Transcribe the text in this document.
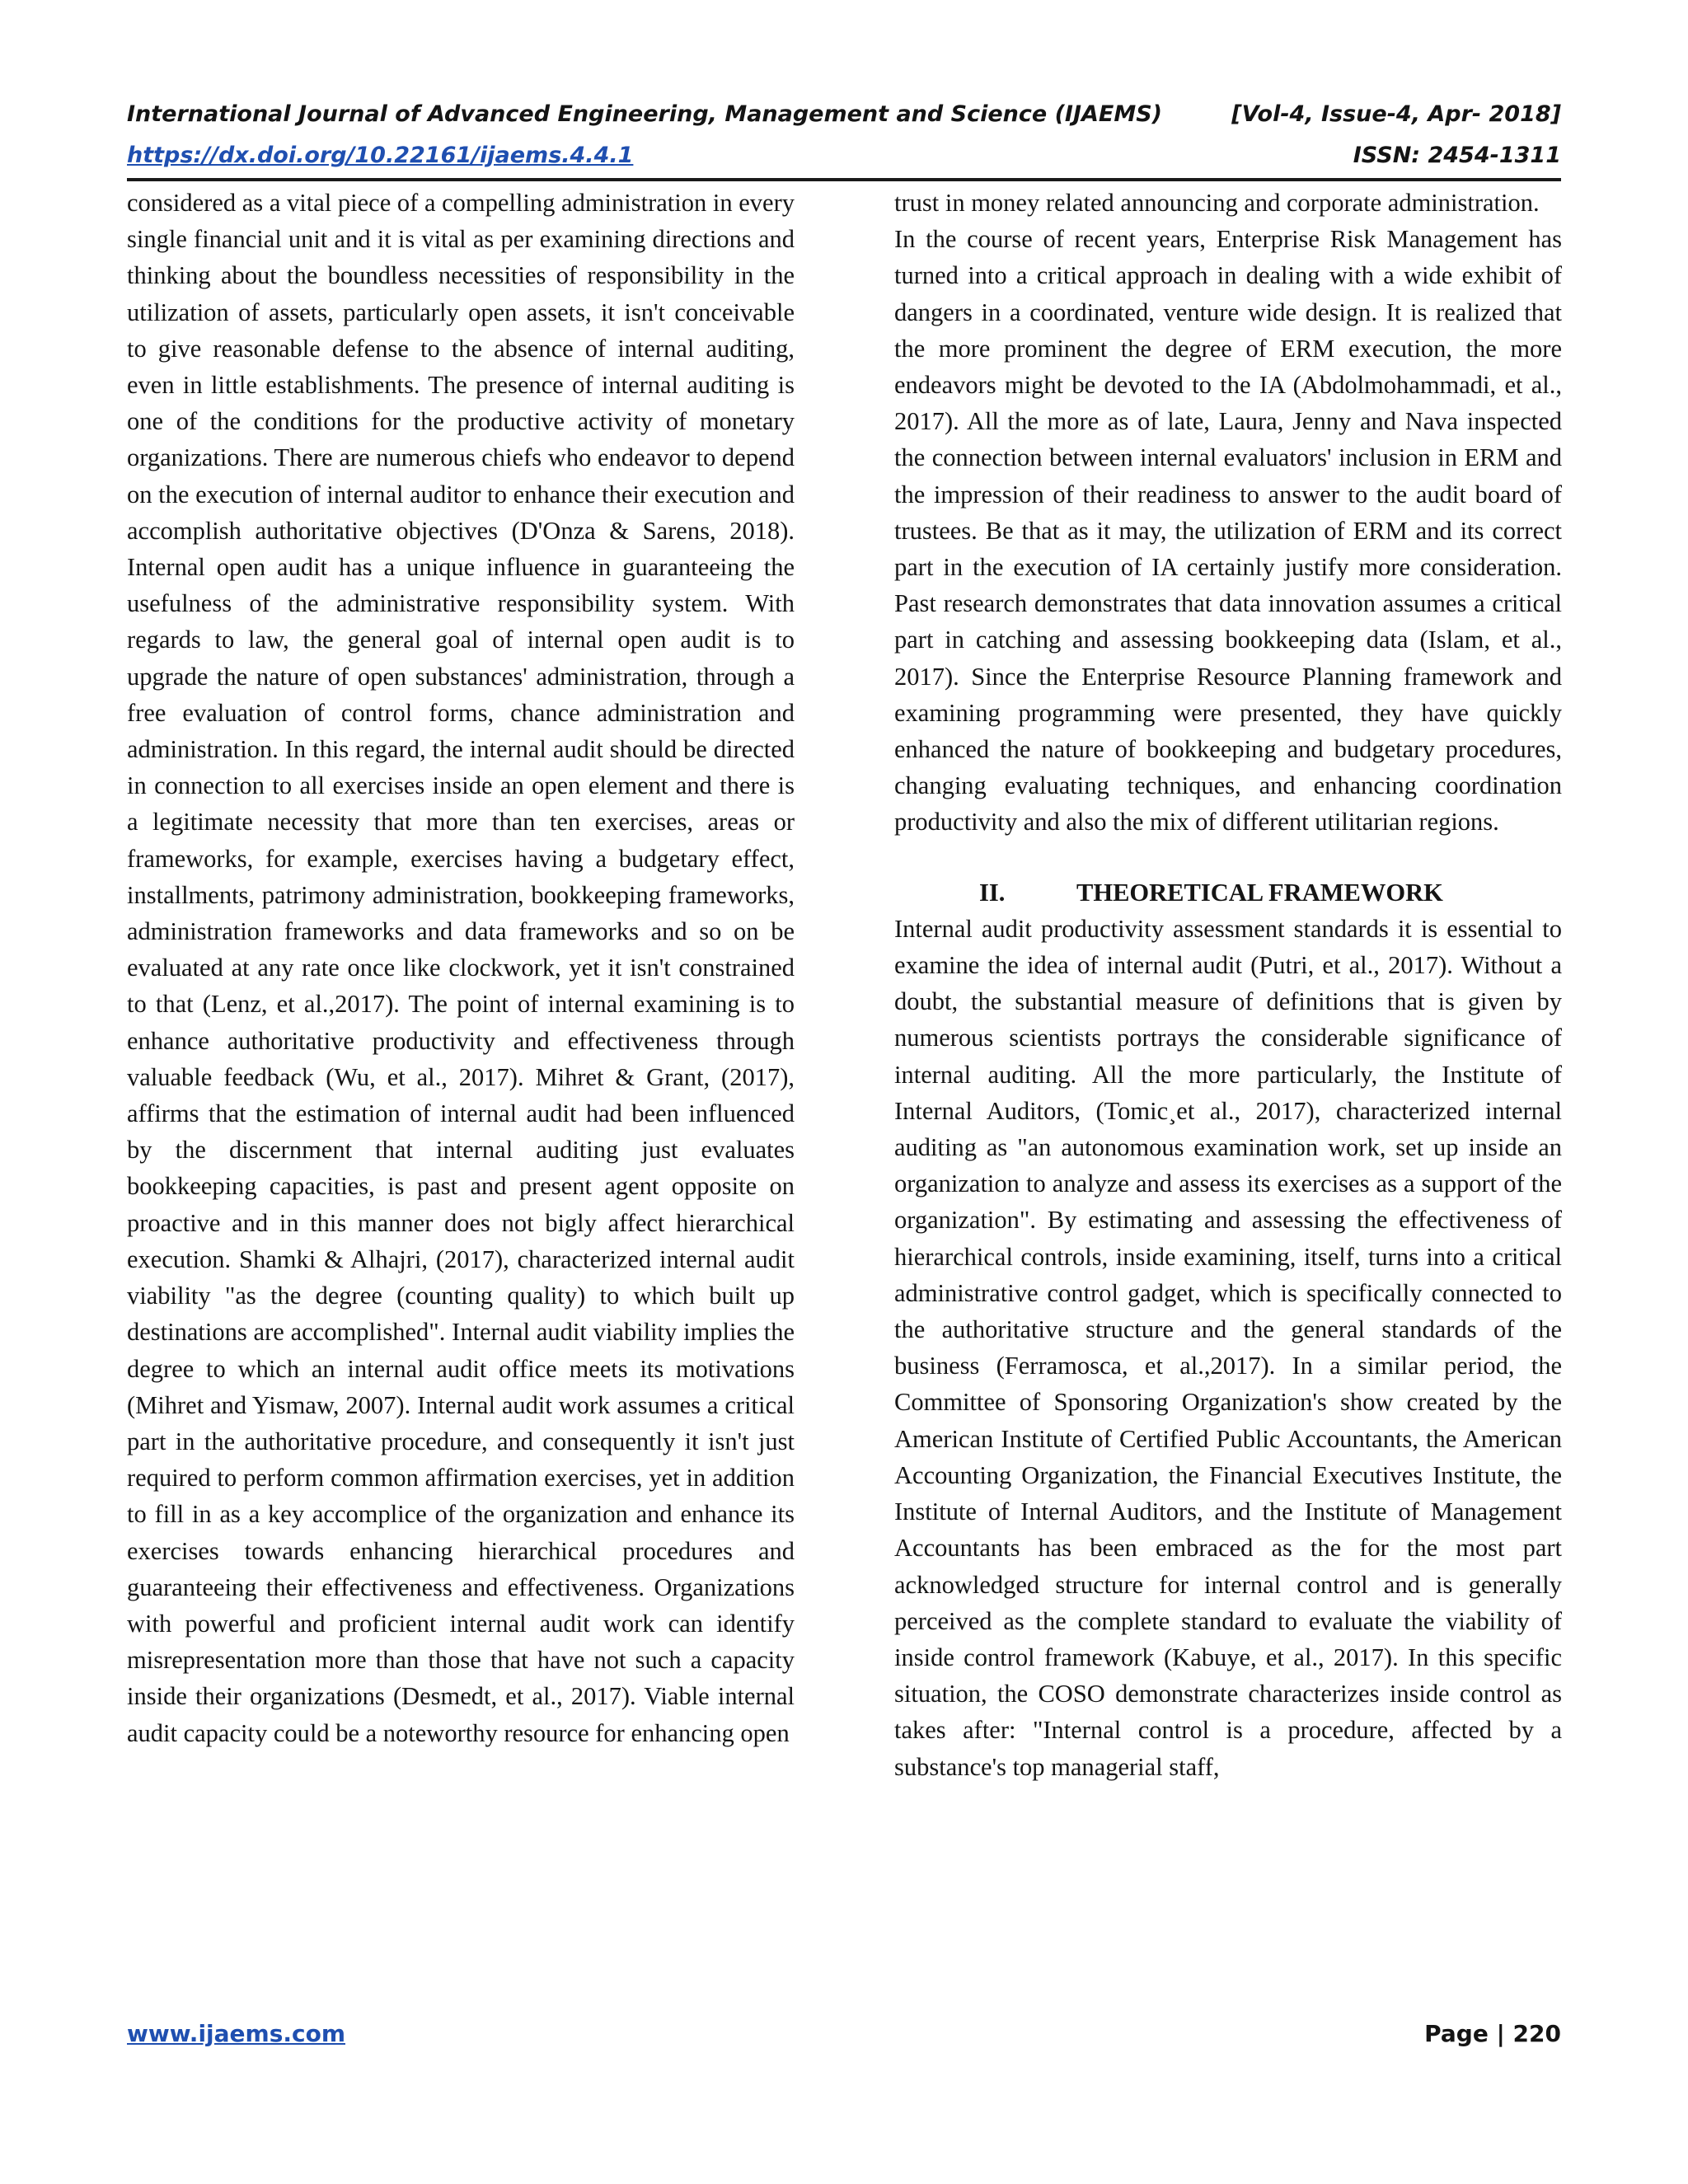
International Journal of Advanced Engineering, Management and Science (IJAEMS)	[Vol-4, Issue-4, Apr- 2018]
https://dx.doi.org/10.22161/ijaems.4.4.1	ISSN: 2454-1311

considered as a vital piece of a compelling administration in every single financial unit and it is vital as per examining directions and thinking about the boundless necessities of responsibility in the utilization of assets, particularly open assets, it isn't conceivable to give reasonable defense to the absence of internal auditing, even in little establishments. The presence of internal auditing is one of the conditions for the productive activity of monetary organizations. There are numerous chiefs who endeavor to depend on the execution of internal auditor to enhance their execution and accomplish authoritative objectives (D'Onza & Sarens, 2018). Internal open audit has a unique influence in guaranteeing the usefulness of the administrative responsibility system. With regards to law, the general goal of internal open audit is to upgrade the nature of open substances' administration, through a free evaluation of control forms, chance administration and administration. In this regard, the internal audit should be directed in connection to all exercises inside an open element and there is a legitimate necessity that more than ten exercises, areas or frameworks, for example, exercises having a budgetary effect, installments, patrimony administration, bookkeeping frameworks, administration frameworks and data frameworks and so on be evaluated at any rate once like clockwork, yet it isn't constrained to that (Lenz, et al.,2017). The point of internal examining is to enhance authoritative productivity and effectiveness through valuable feedback (Wu, et al., 2017). Mihret & Grant, (2017), affirms that the estimation of internal audit had been influenced by the discernment that internal auditing just evaluates bookkeeping capacities, is past and present agent opposite on proactive and in this manner does not bigly affect hierarchical execution. Shamki & Alhajri, (2017), characterized internal audit viability "as the degree (counting quality) to which built up destinations are accomplished". Internal audit viability implies the degree to which an internal audit office meets its motivations (Mihret and Yismaw, 2007). Internal audit work assumes a critical part in the authoritative procedure, and consequently it isn't just required to perform common affirmation exercises, yet in addition to fill in as a key accomplice of the organization and enhance its exercises towards enhancing hierarchical procedures and guaranteeing their effectiveness and effectiveness. Organizations with powerful and proficient internal audit work can identify misrepresentation more than those that have not such a capacity inside their organizations (Desmedt, et al., 2017). Viable internal audit capacity could be a noteworthy resource for enhancing open

trust in money related announcing and corporate administration.

In the course of recent years, Enterprise Risk Management has turned into a critical approach in dealing with a wide exhibit of dangers in a coordinated, venture wide design. It is realized that the more prominent the degree of ERM execution, the more endeavors might be devoted to the IA (Abdolmohammadi, et al., 2017). All the more as of late, Laura, Jenny and Nava inspected the connection between internal evaluators' inclusion in ERM and the impression of their readiness to answer to the audit board of trustees. Be that as it may, the utilization of ERM and its correct part in the execution of IA certainly justify more consideration. Past research demonstrates that data innovation assumes a critical part in catching and assessing bookkeeping data (Islam, et al., 2017). Since the Enterprise Resource Planning framework and examining programming were presented, they have quickly enhanced the nature of bookkeeping and budgetary procedures, changing evaluating techniques, and enhancing coordination productivity and also the mix of different utilitarian regions.

II.	THEORETICAL FRAMEWORK

Internal audit productivity assessment standards it is essential to examine the idea of internal audit (Putri, et al., 2017). Without a doubt, the substantial measure of definitions that is given by numerous scientists portrays the considerable significance of internal auditing. All the more particularly, the Institute of Internal Auditors, (Tomic¸et al., 2017), characterized internal auditing as "an autonomous examination work, set up inside an organization to analyze and assess its exercises as a support of the organization". By estimating and assessing the effectiveness of hierarchical controls, inside examining, itself, turns into a critical administrative control gadget, which is specifically connected to the authoritative structure and the general standards of the business (Ferramosca, et al.,2017). In a similar period, the Committee of Sponsoring Organization's show created by the American Institute of Certified Public Accountants, the American Accounting Organization, the Financial Executives Institute, the Institute of Internal Auditors, and the Institute of Management Accountants has been embraced as the for the most part acknowledged structure for internal control and is generally perceived as the complete standard to evaluate the viability of inside control framework (Kabuye, et al., 2017). In this specific situation, the COSO demonstrate characterizes inside control as takes after: "Internal control is a procedure, affected by a substance's top managerial staff,

www.ijaems.com	Page | 220
